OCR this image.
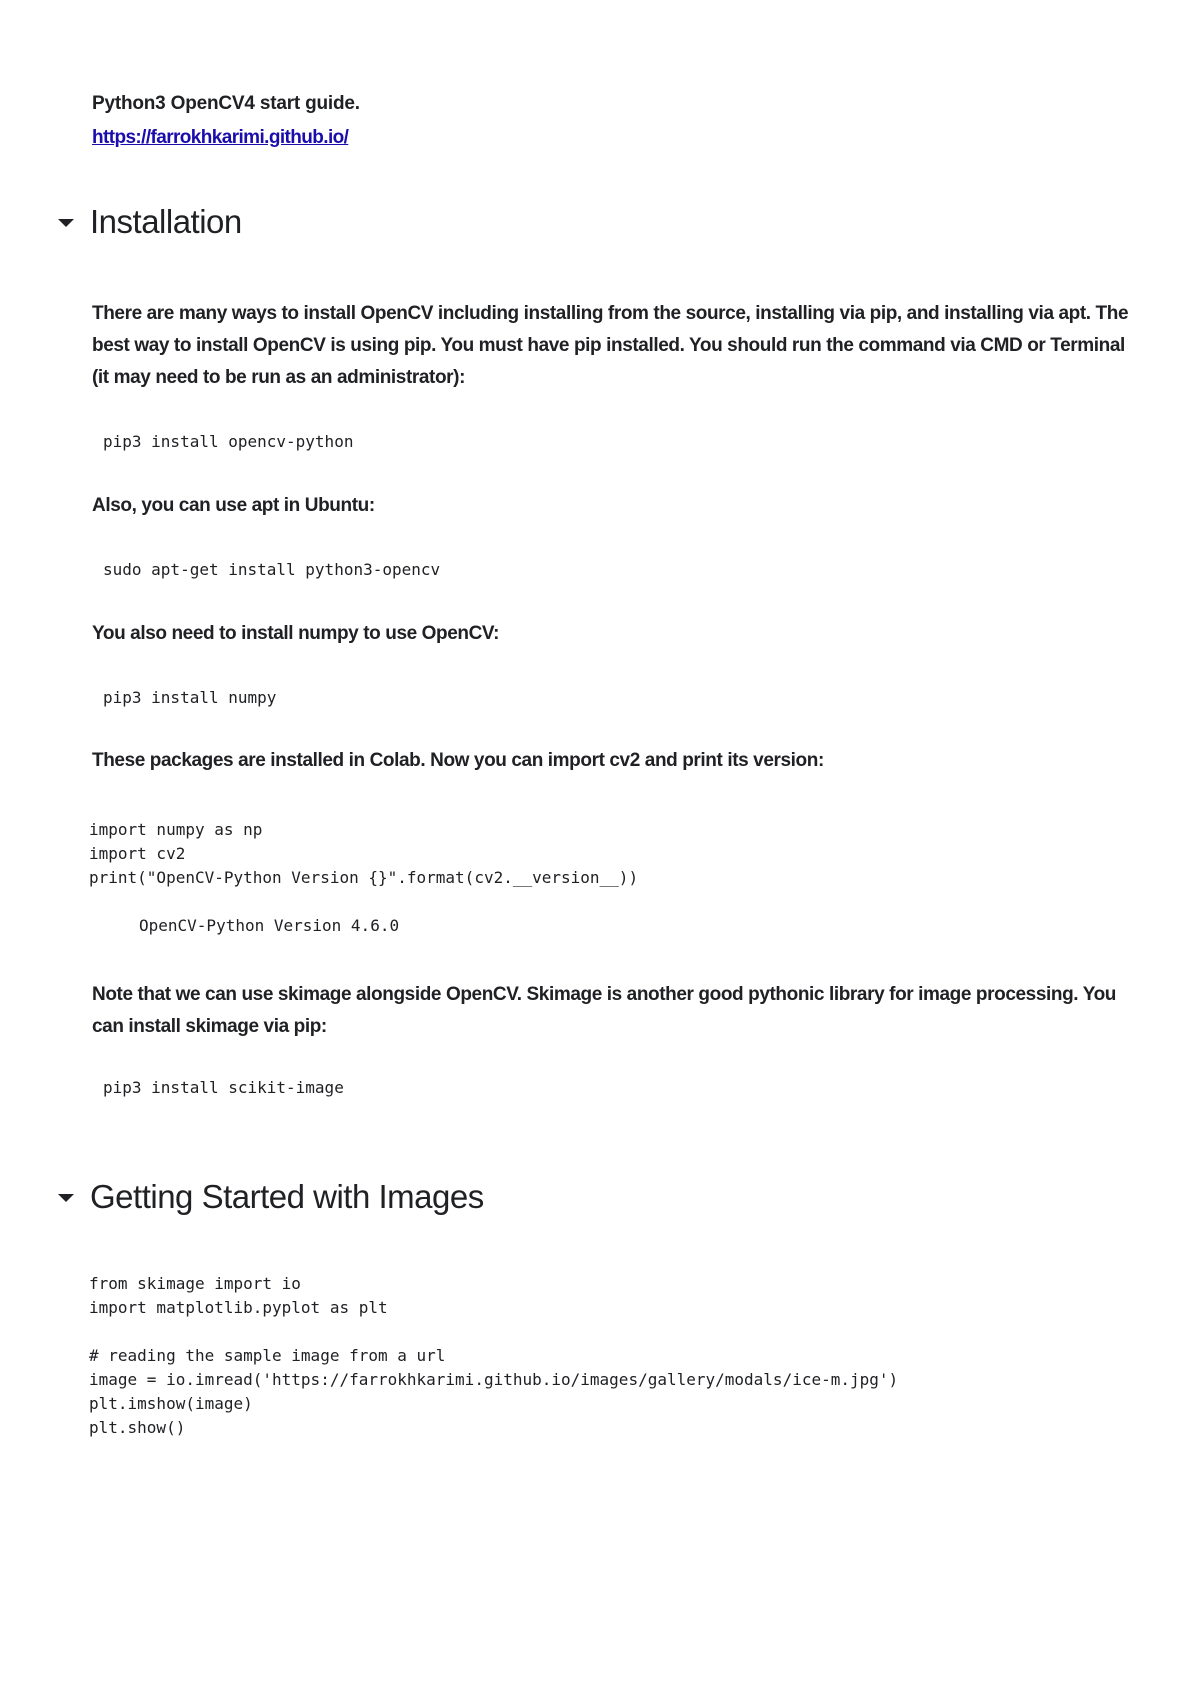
Python3 OpenCV4 start guide.
https://farrokhkarimi.github.io/
Installation
There are many ways to install OpenCV including installing from the source, installing via pip, and installing via apt. The best way to install OpenCV is using pip. You must have pip installed. You should run the command via CMD or Terminal (it may need to be run as an administrator):
pip3 install opencv-python
Also, you can use apt in Ubuntu:
sudo apt-get install python3-opencv
You also need to install numpy to use OpenCV:
pip3 install numpy
These packages are installed in Colab. Now you can import cv2 and print its version:
import numpy as np
import cv2
print("OpenCV-Python Version {}".format(cv2.__version__))
OpenCV-Python Version 4.6.0
Note that we can use skimage alongside OpenCV. Skimage is another good pythonic library for image processing. You can install skimage via pip:
pip3 install scikit-image
Getting Started with Images
from skimage import io
import matplotlib.pyplot as plt
# reading the sample image from a url
image = io.imread('https://farrokhkarimi.github.io/images/gallery/modals/ice-m.jpg')
plt.imshow(image)
plt.show()
